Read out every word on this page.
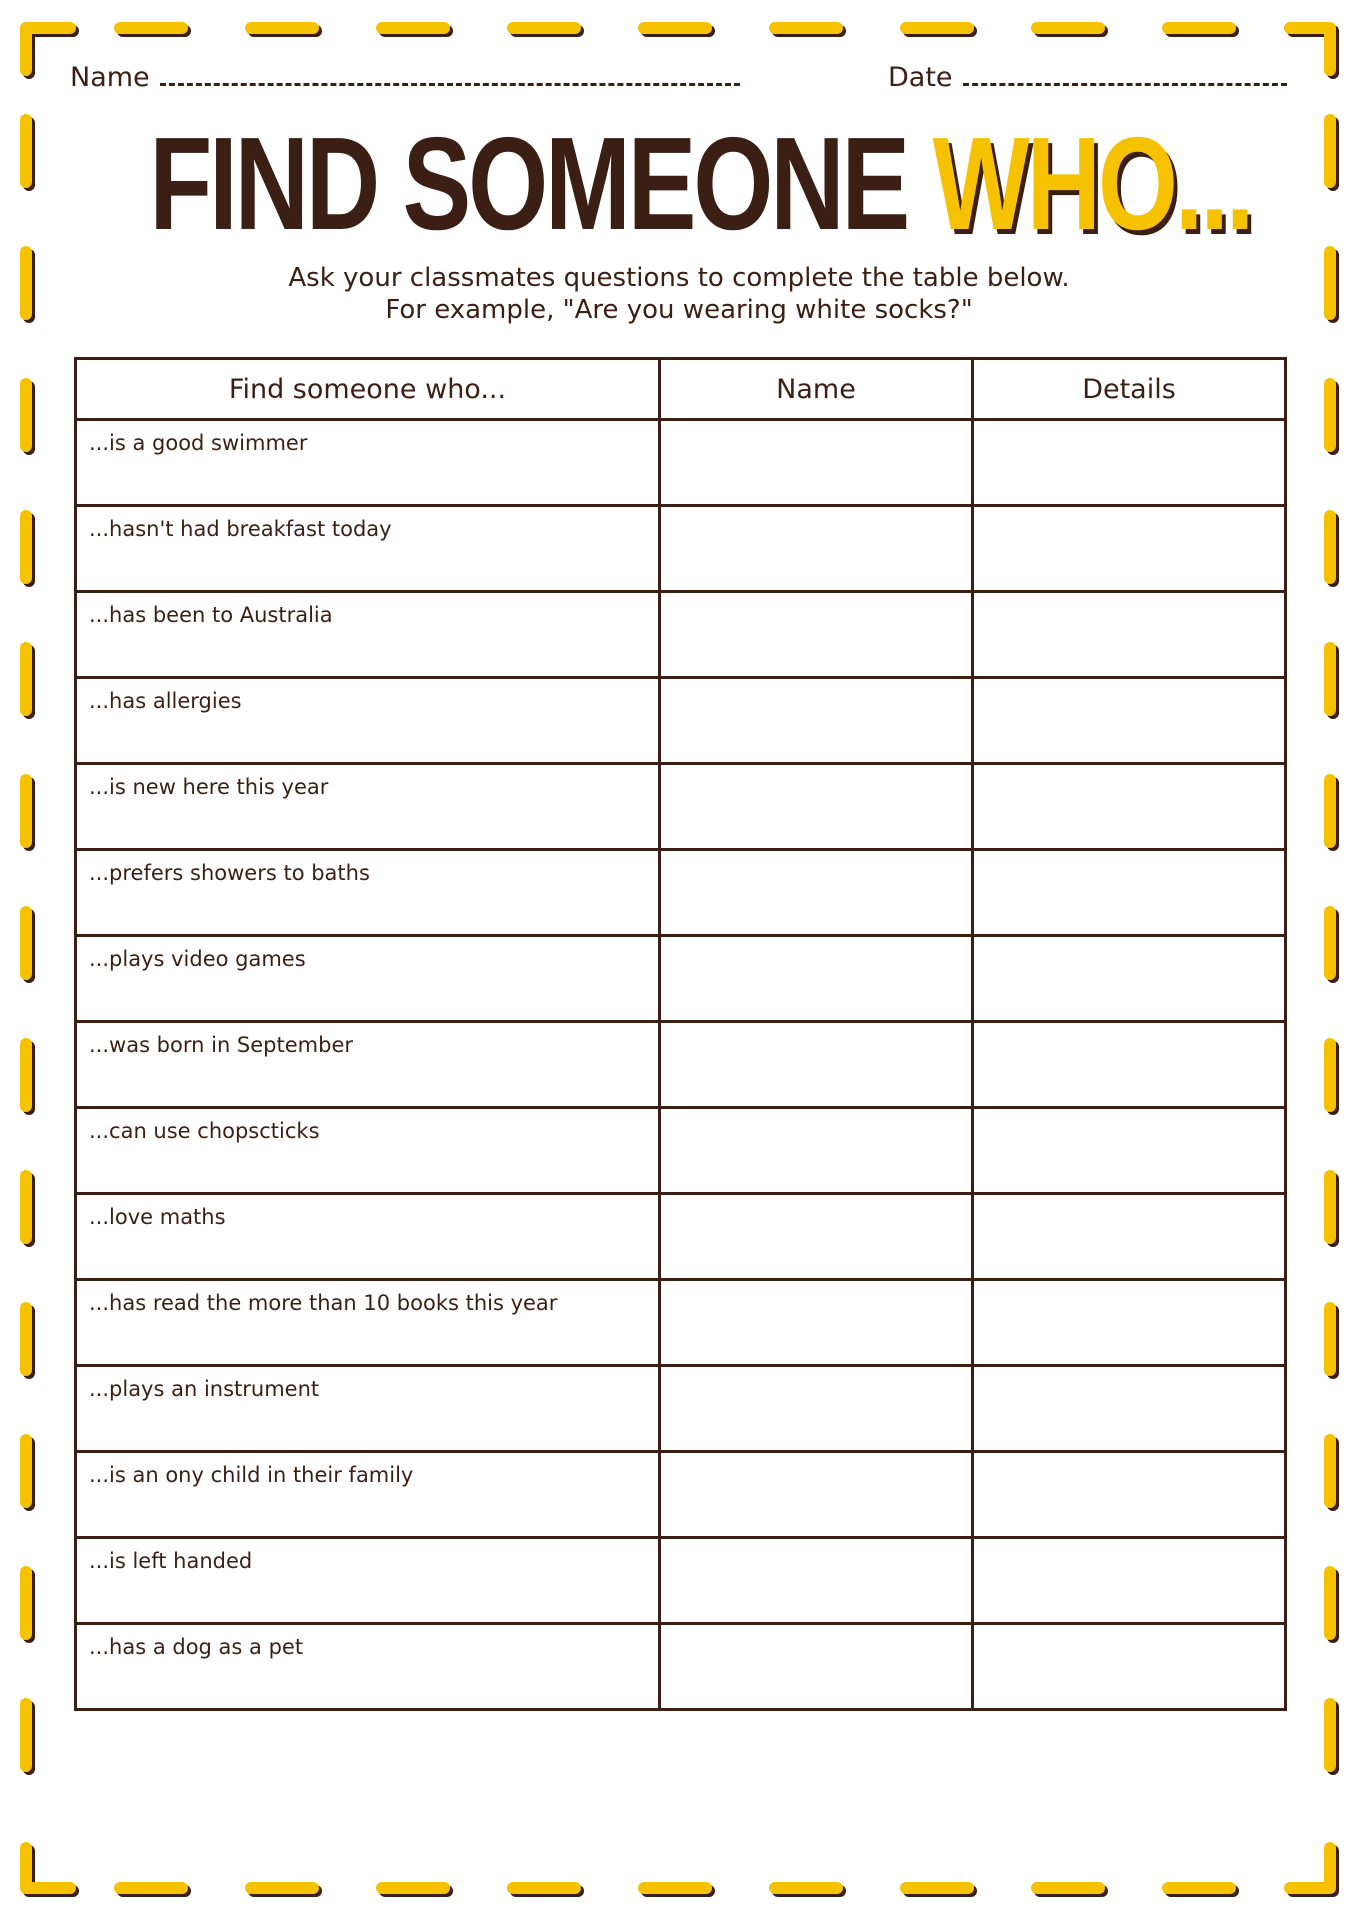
Name	Date
FIND SOMEONE WHO...
Ask your classmates questions to complete the table below.
For example, "Are you wearing white socks?"
Find someone who...	Name	Details
...is a good swimmer		
...hasn't had breakfast today		
...has been to Australia		
...has allergies		
...is new here this year		
...prefers showers to baths		
...plays video games		
...was born in September		
...can use chopscticks		
...love maths		
...has read the more than 10 books this year		
...plays an instrument		
...is an ony child in their family		
...is left handed		
...has a dog as a pet		
